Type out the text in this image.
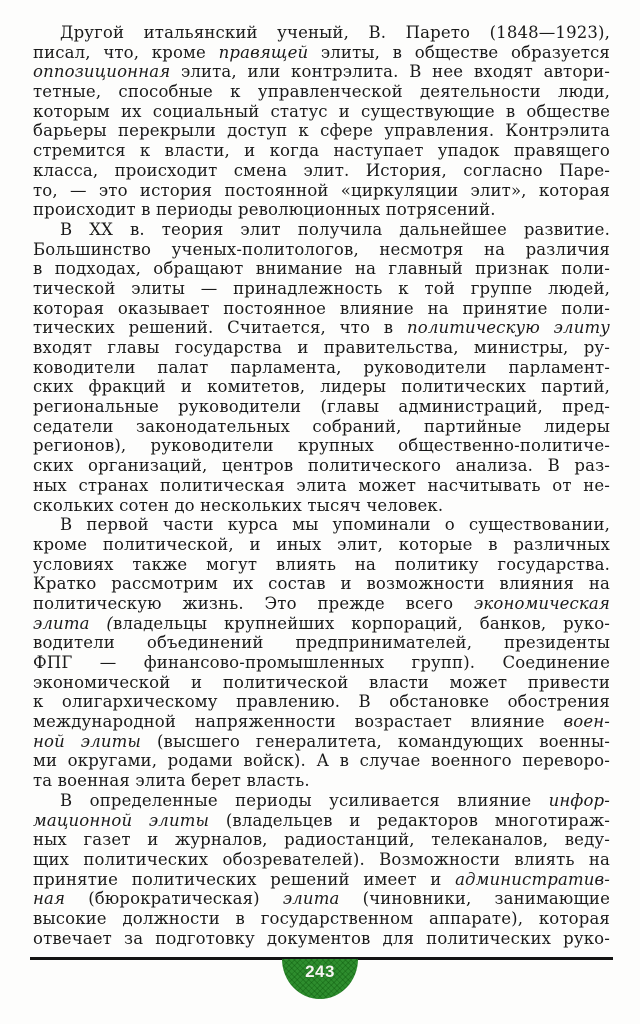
Другой итальянский ученый, В. Парето (1848—1923),
писал, что, кроме правящей элиты, в обществе образуется
оппозиционная элита, или контрэлита. В нее входят автори-
тетные, способные к управленческой деятельности люди,
которым их социальный статус и существующие в обществе
барьеры перекрыли доступ к сфере управления. Контрэлита
стремится к власти, и когда наступает упадок правящего
класса, происходит смена элит. История, согласно Паре-
то, — это история постоянной «циркуляции элит», которая
происходит в периоды революционных потрясений.
В XX в. теория элит получила дальнейшее развитие.
Большинство ученых-политологов, несмотря на различия
в подходах, обращают внимание на главный признак поли-
тической элиты — принадлежность к той группе людей,
которая оказывает постоянное влияние на принятие поли-
тических решений. Считается, что в политическую элиту
входят главы государства и правительства, министры, ру-
ководители палат парламента, руководители парламент-
ских фракций и комитетов, лидеры политических партий,
региональные руководители (главы администраций, пред-
седатели законодательных собраний, партийные лидеры
регионов), руководители крупных общественно-политиче-
ских организаций, центров политического анализа. В раз-
ных странах политическая элита может насчитывать от не-
скольких сотен до нескольких тысяч человек.
В первой части курса мы упоминали о существовании,
кроме политической, и иных элит, которые в различных
условиях также могут влиять на политику государства.
Кратко рассмотрим их состав и возможности влияния на
политическую жизнь. Это прежде всего экономическая
элита (владельцы крупнейших корпораций, банков, руко-
водители объединений предпринимателей, президенты
ФПГ — финансово-промышленных групп). Соединение
экономической и политической власти может привести
к олигархическому правлению. В обстановке обострения
международной напряженности возрастает влияние воен-
ной элиты (высшего генералитета, командующих военны-
ми округами, родами войск). А в случае военного переворо-
та военная элита берет власть.
В определенные периоды усиливается влияние инфор-
мационной элиты (владельцев и редакторов многотираж-
ных газет и журналов, радиостанций, телеканалов, веду-
щих политических обозревателей). Возможности влиять на
принятие политических решений имеет и административ-
ная (бюрократическая) элита (чиновники, занимающие
высокие должности в государственном аппарате), которая
отвечает за подготовку документов для политических руко-
243
